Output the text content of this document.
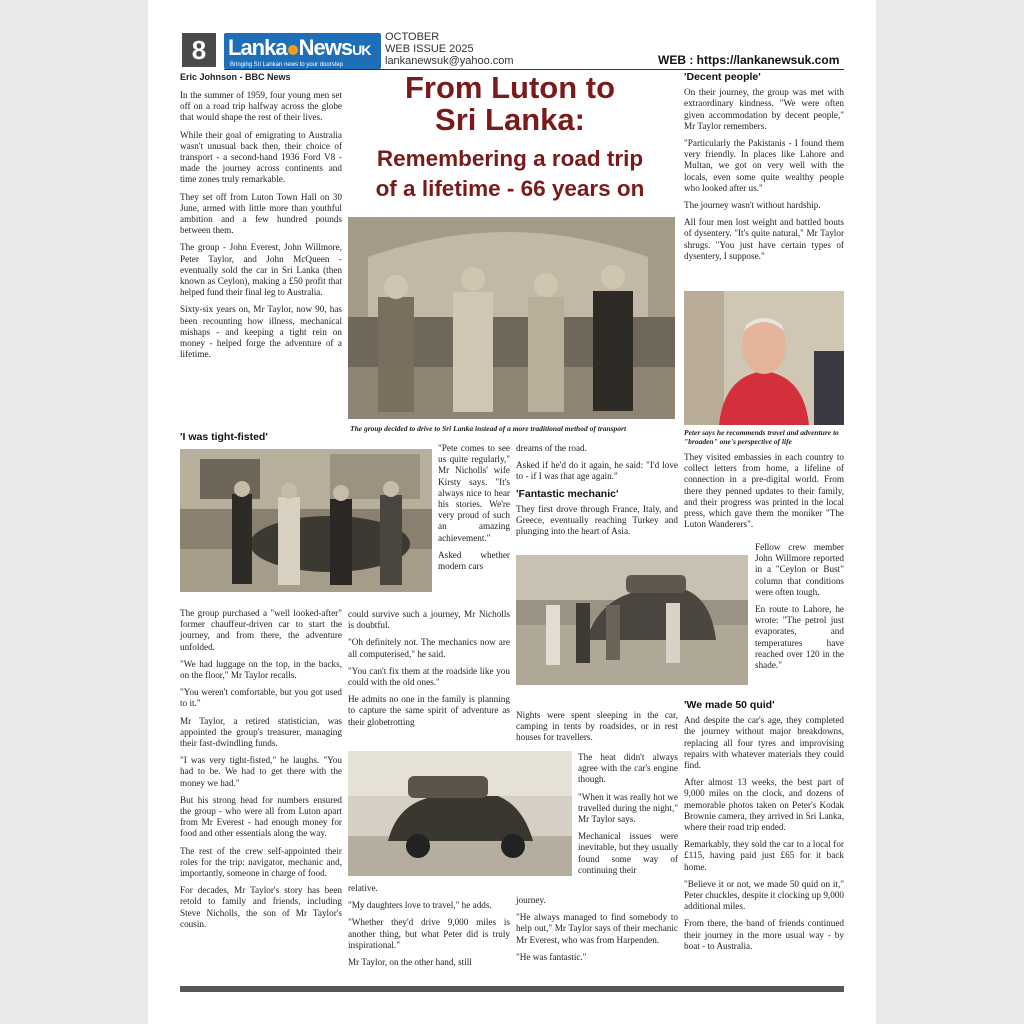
8 Lanka NewsUK
Bringing Sri Lankan news to your doorstep
OCTOBER
WEB ISSUE 2025
lankanewsuk@yahoo.com	WEB : https://lankanewsuk.com
Eric Johnson - BBC News	From Luton to
Sri Lanka:
Remembering a road trip
of a lifetime - 66 years on

In the summer of 1959, four young men set off on a road trip halfway across the globe that would shape the rest of their lives.

While their goal of emigrating to Australia wasn't unusual back then, their choice of transport - a second-hand 1936 Ford V8 - made the journey across continents and time zones truly remarkable.

They set off from Luton Town Hall on 30 June, armed with little more than youthful ambition and a few hundred pounds between them.

The group - John Everest, John Willmore, Peter Taylor, and John McQueen - eventually sold the car in Sri Lanka (then known as Ceylon), making a £50 profit that helped fund their final leg to Australia.

Sixty-six years on, Mr Taylor, now 90, has been recounting how illness, mechanical mishaps - and keeping a tight rein on money - helped forge the adventure of a lifetime.

'I was tight-fisted'

The group purchased a "well looked-after" former chauffeur-driven car to start the journey, and from there, the adventure unfolded.

"We had luggage on the top, in the backs, on the floor," Mr Taylor recalls.

"You weren't comfortable, but you got used to it."

Mr Taylor, a retired statistician, was appointed the group's treasurer, managing their fast-dwindling funds.

"I was very tight-fisted," he laughs. "You had to be. We had to get there with the money we had."

But his strong head for numbers ensured the group - who were all from Luton apart from Mr Everest - had enough money for food and other essentials along the way.

The rest of the crew self-appointed their roles for the trip: navigator, mechanic and, importantly, someone in charge of food.

For decades, Mr Taylor's story has been retold to family and friends, including Steve Nicholls, the son of Mr Taylor's cousin.

The group decided to drive to Sri Lanka instead of a more traditional method of transport

"Pete comes to see us quite regularly," Mr Nicholls' wife Kirsty says. "It's always nice to hear his stories. We're very proud of such an amazing achievement."

Asked whether modern cars

could survive such a journey, Mr Nicholls is doubtful.

"Oh definitely not. The mechanics now are all computerised," he said.

"You can't fix them at the roadside like you could with the old ones."

He admits no one in the family is planning to capture the same spirit of adventure as their globetrotting

relative.

"My daughters love to travel," he adds.

"Whether they'd drive 9,000 miles is another thing, but what Peter did is truly inspirational."

Mr Taylor, on the other hand, still

dreams of the road.

Asked if he'd do it again, he said: "I'd love to - if I was that age again."

'Fantastic mechanic'

They first drove through France, Italy, and Greece, eventually reaching Turkey and plunging into the heart of Asia.

Nights were spent sleeping in the car, camping in tents by roadsides, or in rest houses for travellers.

The heat didn't always agree with the car's engine though.

"When it was really hot we travelled during the night," Mr Taylor says.

Mechanical issues were inevitable, but they usually found some way of continuing their

journey.

"He always managed to find somebody to help out," Mr Taylor says of their mechanic Mr Everest, who was from Harpenden.

"He was fantastic."

'Decent people'

On their journey, the group was met with extraordinary kindness. "We were often given accommodation by decent people," Mr Taylor remembers.

"Particularly the Pakistanis - I found them very friendly. In places like Lahore and Multan, we got on very well with the locals, even some quite wealthy people who looked after us."

The journey wasn't without hardship.

All four men lost weight and battled bouts of dysentery. "It's quite natural," Mr Taylor shrugs. "You just have certain types of dysentery, I suppose."

Peter says he recommends travel and adventure to "broaden" one's perspective of life

They visited embassies in each country to collect letters from home, a lifeline of connection in a pre-digital world. From there they penned updates to their family, and their progress was printed in the local press, which gave them the moniker "The Luton Wanderers".

Fellow crew member John Willmore reported in a "Ceylon or Bust" column that conditions were often tough.

En route to Lahore, he wrote: "The petrol just evaporates, and temperatures have reached over 120 in the shade."

'We made 50 quid'

And despite the car's age, they completed the journey without major breakdowns, replacing all four tyres and improvising repairs with whatever materials they could find.

After almost 13 weeks, the best part of 9,000 miles on the clock, and dozens of memorable photos taken on Peter's Kodak Brownie camera, they arrived in Sri Lanka, where their road trip ended.

Remarkably, they sold the car to a local for £115, having paid just £65 for it back home.

"Believe it or not, we made 50 quid on it," Peter chuckles, despite it clocking up 9,000 additional miles.

From there, the band of friends continued their journey in the more usual way - by boat - to Australia.
